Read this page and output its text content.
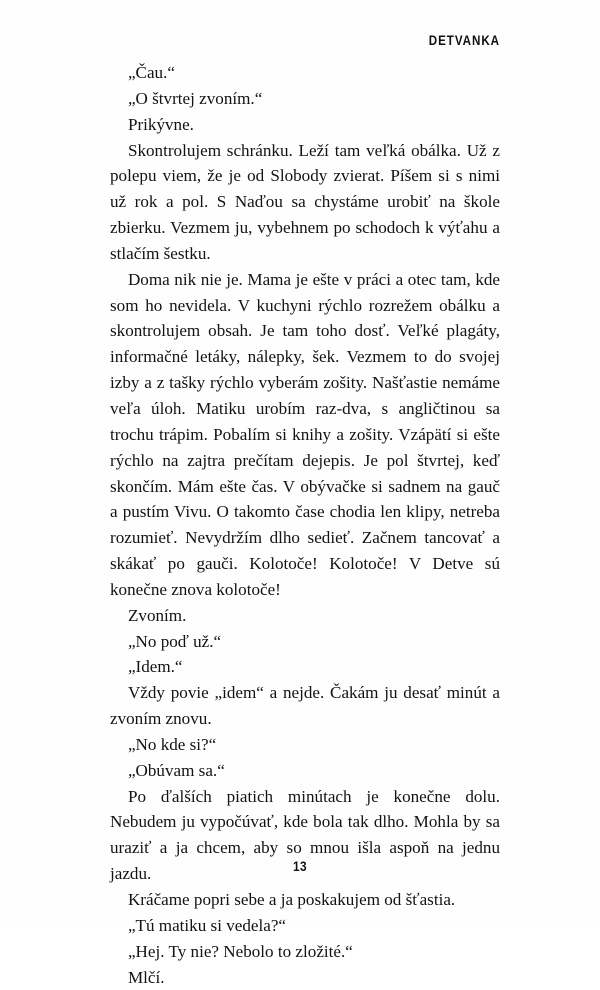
DETVANKA

„Čau.“

„O štvrtej zvoním.“

Prikývne.

Skontrolujem schránku. Leží tam veľká obálka. Už z polepu viem, že je od Slobody zvierat. Píšem si s nimi už rok a pol. S Naďou sa chystáme urobiť na škole zbierku. Vezmem ju, vybehnem po schodoch k výťahu a stlačím šestku.

Doma nik nie je. Mama je ešte v práci a otec tam, kde som ho nevidela. V kuchyni rýchlo rozrežem obálku a skontrolujem obsah. Je tam toho dosť. Veľké plagáty, informačné letáky, nálepky, šek. Vezmem to do svojej izby a z tašky rýchlo vyberám zošity. Našťastie nemáme veľa úloh. Matiku urobím raz-dva, s angličtinou sa trochu trápim. Pobalím si knihy a zošity. Vzápätí si ešte rýchlo na zajtra prečítam dejepis. Je pol štvrtej, keď skončím. Mám ešte čas. V obývačke si sadnem na gauč a pustím Vivu. O takomto čase chodia len klipy, netreba rozumieť. Nevydržím dlho sedieť. Začnem tancovať a skákať po gauči. Kolotoče! Kolotoče! V Detve sú konečne znova kolotoče!

Zvoním.

„No poď už.“

„Idem.“

Vždy povie „idem“ a nejde. Čakám ju desať minút a zvoním znovu.

„No kde si?“

„Obúvam sa.“

Po ďalších piatich minútach je konečne dolu. Nebudem ju vypočúvať, kde bola tak dlho. Mohla by sa uraziť a ja chcem, aby so mnou išla aspoň na jednu jazdu.

Kráčame popri sebe a ja poskakujem od šťastia.

„Tú matiku si vedela?“

„Hej. Ty nie? Nebolo to zložité.“

Mlčí.

13
